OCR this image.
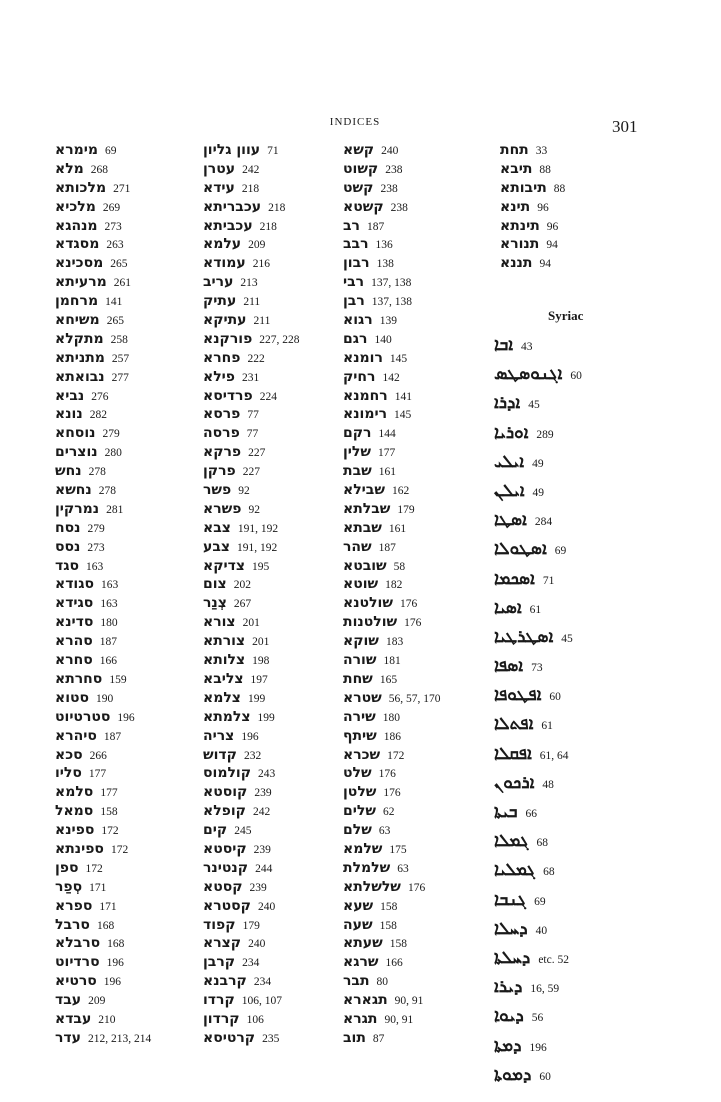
INDICES	301
מימרא 69
מלא 268
מלכותא 271
מלכיא 269
מנהגא 273
מסגדא 263
מסכינא 265
מרעיתא 261
מרחמן 141
משיחא 265
מתקלא 258
מתניתא 257
נבואתא 277
נביא 276
נונא 282
נוסחא 279
נוצרים 280
נחש 278
נחשא 278
נמרקין 281
נסח 279
נסס 273
סגד 163
סגודא 163
סגידא 163
סדינא 180
סהרא 187
סחרא 166
סחרתא 159
סטוא 190
סטרטיוט 196
סיהרא 187
סכא 266
סליו 177
סלמא 177
סמאל 158
ספינא 172
ספינתא 172
ספן 172
סְפַר 171
ספרא 171
סרבל 168
סרבלא 168
סרדיוט 196
סרטיא 196
עבד 209
עבדא 210
עדר 212, 213, 214
עוון גליון 71
עטרן 242
עידא 218
עכבריתא 218
עכביתא 218
עלמא 209
עמודא 216
עריב 213
עתיק 211
עתיקא 211
פורקנא 227, 228
פחרא 222
פילא 231
פרדיסא 224
פרסא 77
פרסה 77
פרקא 227
פרקן 227
פשר 92
פשרא 92
צבא 191, 192
צבע 191, 192
צדיקא 195
צום 202
צְנַר 267
צורא 201
צורתא 201
צלותא 198
צליבא 197
צלמא 199
צלמתא 199
צריה 196
קדוש 232
קולמוס 243
קוסטא 239
קופלא 242
קים 245
קיסטא 239
קנטינר 244
קסטא 239
קסטרא 240
קפוד 179
קצרא 240
קרבן 234
קרבנא 234
קרדו 106, 107
קרדון 106
קרטיסא 235
קשא 240
קשוט 238
קשט 238
קשטא 238
רב 187
רבב 136
רבון 138
רבי 137, 138
רבן 137, 138
רגוא 139
רגם 140
רומנא 145
רחיק 142
רחמנא 141
רימונא 145
רקם 144
שלין 177
שבת 161
שבילא 162
שבלתא 179
שבתא 161
שהר 187
שובטא 58
שוטא 182
שולטנא 176
שולטנות 176
שוקא 183
שורה 181
שחת 165
שטרא 56, 57, 170
שירה 180
שיתף 186
שכרא 172
שלט 176
שלטן 176
שלים 62
שלם 63
שלמא 175
שלמלת 63
שלשלתא 176
שעא 158
שעה 158
שעתא 158
שרגא 166
תבר 80
תגארא 90, 91
תגרא 90, 91
תוב 87
תחת 33
תיבא 88
תיבותא 88
תינא 96
תינתא 96
תנורא 94
תננא 94
Syriac
ܐܒܐ 43
ܐܓܢܘܣܛܣ 60
ܐܕܪܐ 45
ܐܘܪܝܐ 289
ܐܝܠܝ 49
ܐܝܠܢ 49
ܐܣܛܐ 284
ܐܣܛܘܠܐ 69
ܐܣܟܡܐ 71
ܐܣܝܐ 61
ܐܣܛܪܛܝܐ 45
ܐܣܦܐ 73
ܐܦܛܘܦܐ 60
ܐܦܬܠܐ 61
ܐܦܩܠܐ 61, 64
ܐܪܟܘܢ 48
ܒܝܬܐ 66
ܓܡܠܐ 68
ܓܡܠܝܐ 68
ܓܢܒܐ 69
ܕܚܠܐ 40
ܕܚܠܬܐ etc. 52
ܕܝܪܐ 16, 59
ܕܝܘܐ 56
ܕܡܬܐ 196
ܕܡܘܬܐ 60
